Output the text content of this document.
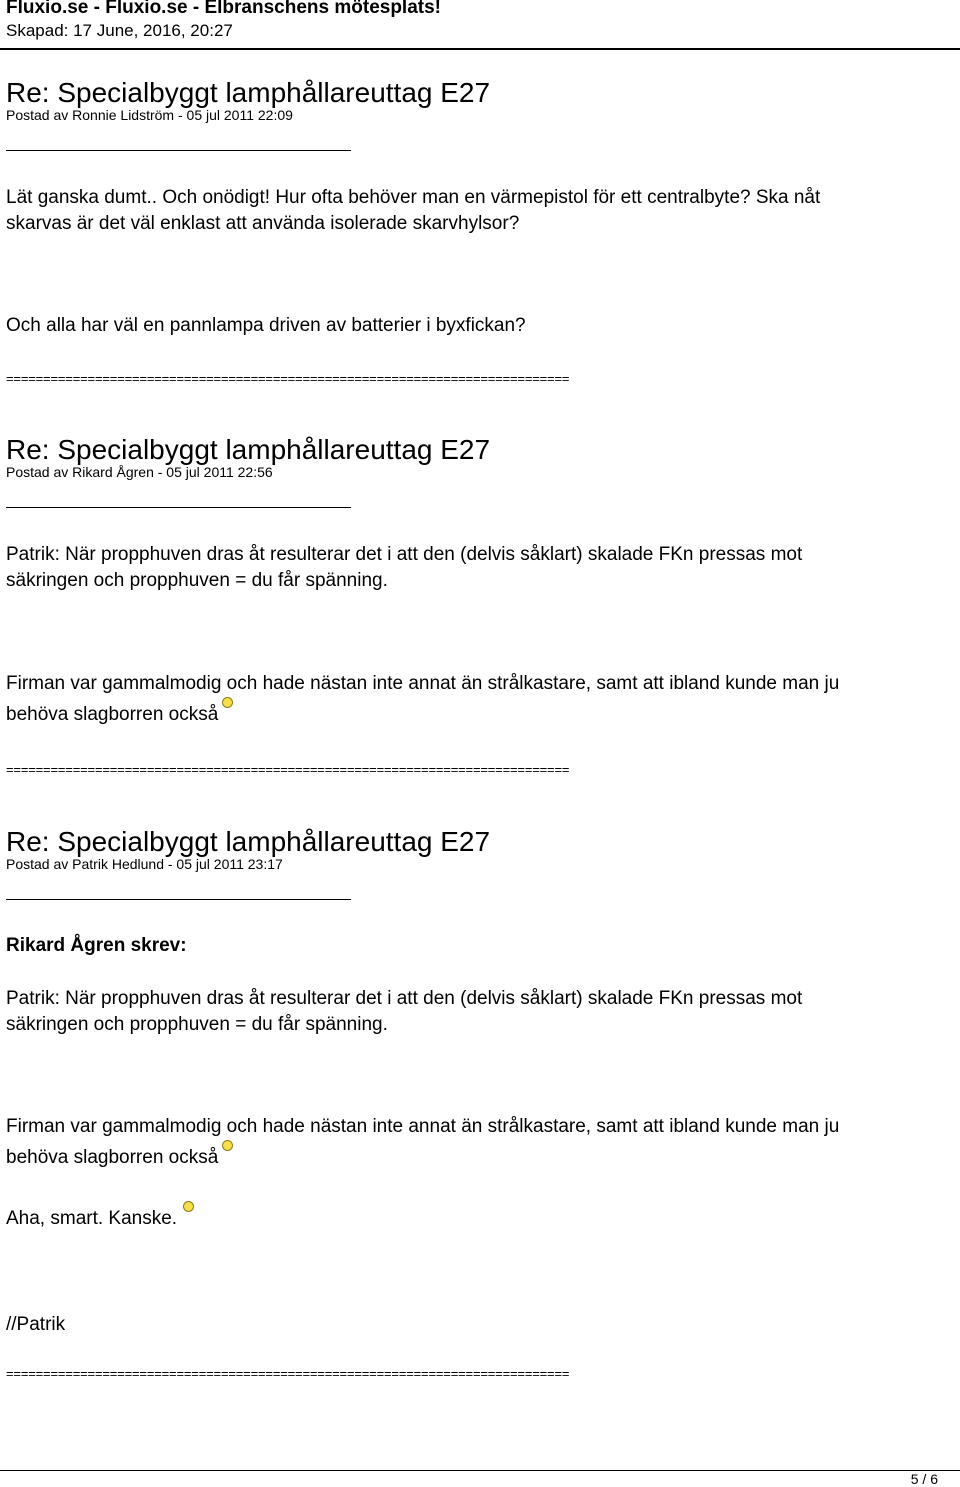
Fluxio.se - Fluxio.se - Elbranschens mötesplats!
Skapad: 17 June, 2016, 20:27
Re: Specialbyggt lamphållareuttag E27
Postad av Ronnie Lidström - 05 jul 2011 22:09
Lät ganska dumt.. Och onödigt! Hur ofta behöver man en värmepistol för ett centralbyte? Ska nåt
skarvas är det väl enklast att använda isolerade skarvhylsor?
Och alla har väl en pannlampa driven av batterier i byxfickan?
============================================================================
Re: Specialbyggt lamphållareuttag E27
Postad av Rikard Ågren - 05 jul 2011 22:56
Patrik: När propphuven dras åt resulterar det i att den (delvis såklart) skalade FKn pressas mot
säkringen och propphuven = du får spänning.
Firman var gammalmodig och hade nästan inte annat än strålkastare, samt att ibland kunde man ju
behöva slagborren också
============================================================================
Re: Specialbyggt lamphållareuttag E27
Postad av Patrik Hedlund - 05 jul 2011 23:17
Rikard Ågren skrev:
Patrik: När propphuven dras åt resulterar det i att den (delvis såklart) skalade FKn pressas mot
säkringen och propphuven = du får spänning.
Firman var gammalmodig och hade nästan inte annat än strålkastare, samt att ibland kunde man ju
behöva slagborren också
Aha, smart. Kanske.
//Patrik
============================================================================
5 / 6
